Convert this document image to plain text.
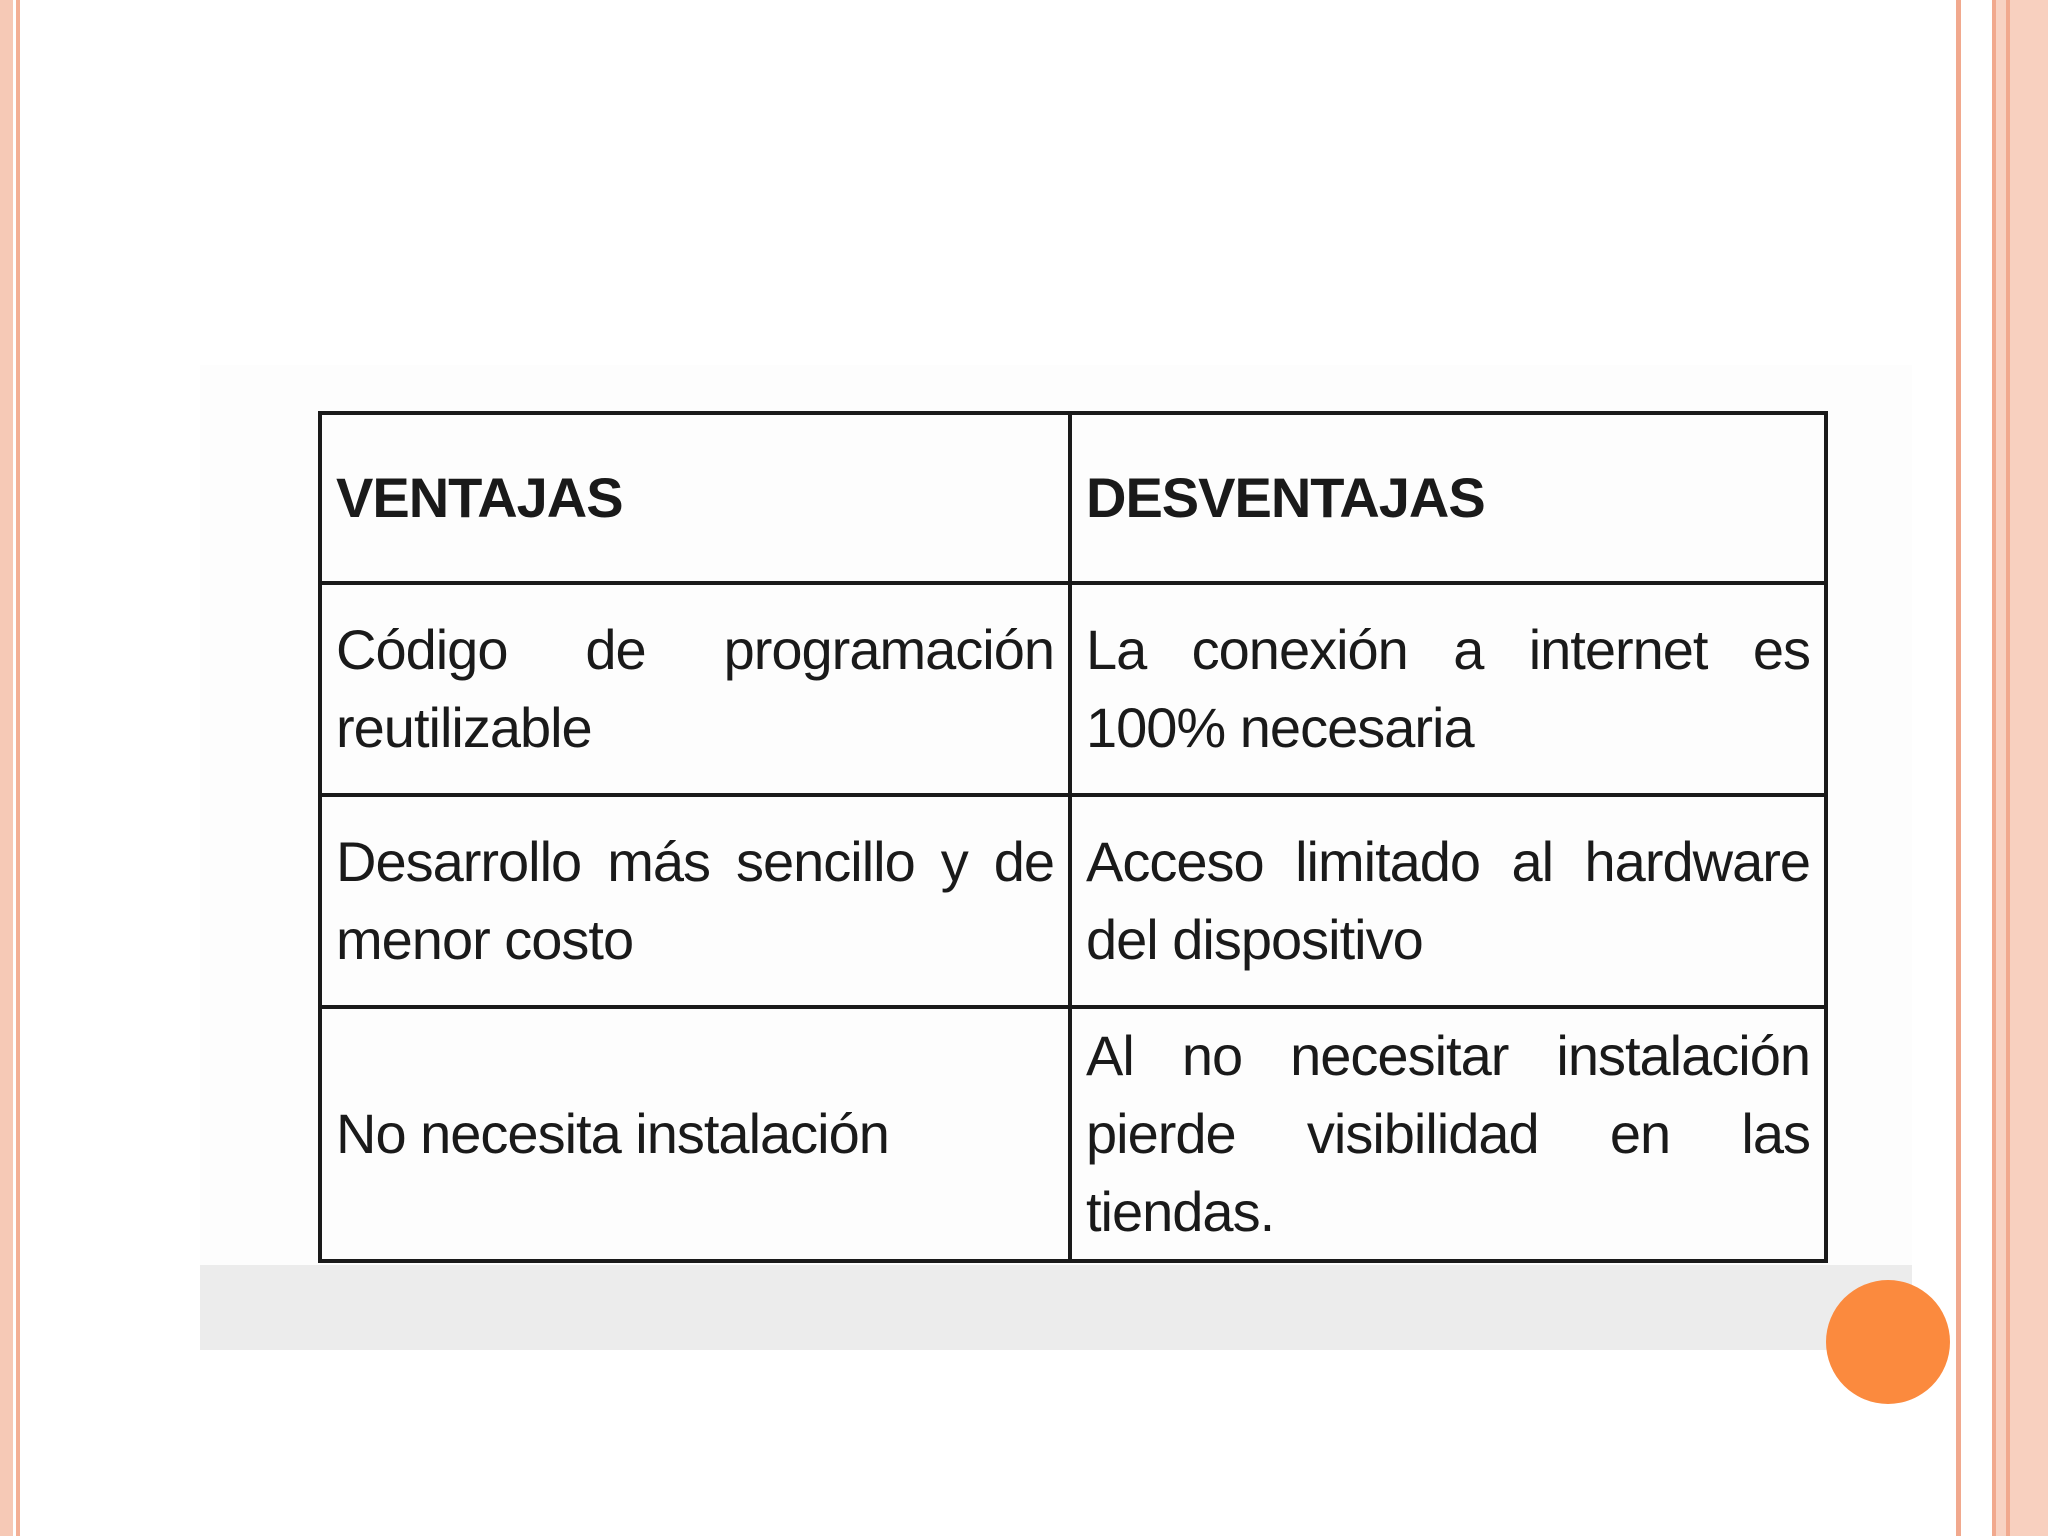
VENTAJAS	DESVENTAJAS
Código de programación reutilizable	La conexión a internet es 100% necesaria
Desarrollo más sencillo y de menor costo	Acceso limitado al hardware del dispositivo
No necesita instalación	Al no necesitar instalación pierde visibilidad en las tiendas.
